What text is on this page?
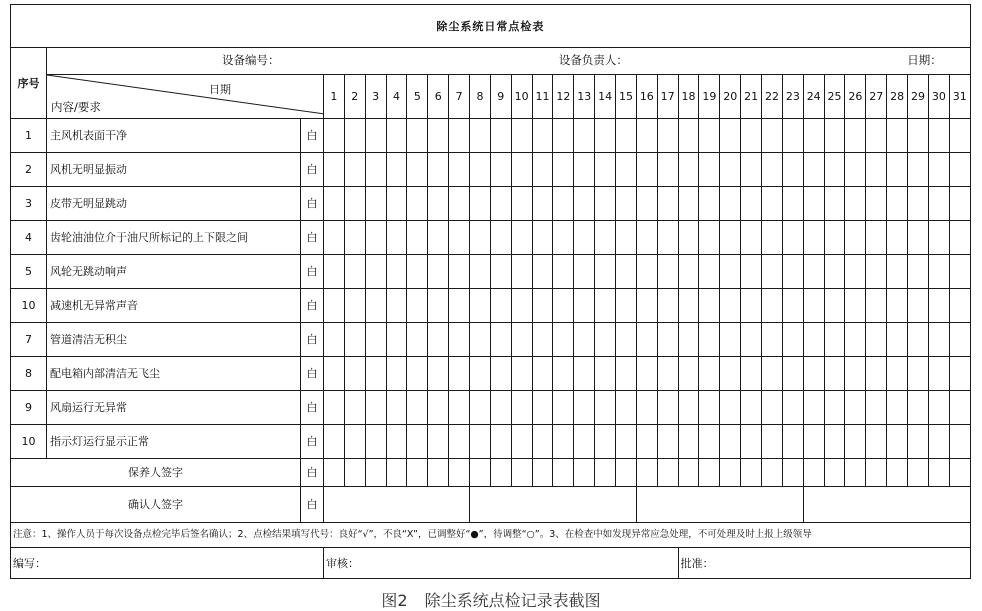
除尘系统日常点检表																																	
序号	设备编号： 设备负责人： 日期：																																

	日期
内容/要求		1	2	3	4	5	6	7	8	9	10	11	12	13	14	15	16	17	18	19	20	21	22	23	24	25	26	27	28	29	30	31
1	主风机表面干净	白																															
2	风机无明显振动	白																															
3	皮带无明显跳动	白																															
4	齿轮油油位介于油尺所标记的上下限之间	白																															
5	风轮无跳动响声	白																															
10	减速机无异常声音	白																															
7	管道清洁无积尘	白																															
8	配电箱内部清洁无飞尘	白																															
9	风扇运行无异常	白																															
10	指示灯运行显示正常	白																															
保养人签字		白																															
确认人签字		白																															
注意：1、操作人员于每次设备点检完毕后签名确认；2、点检结果填写代号：良好“√”，不良“X”，已调整好“●”，待调整“○”。3、在检查中如发现异常应急处理，不可处理及时上报上级领导																																	
编写：			审核：																	批准：													
图2 除尘系统点检记录表截图
